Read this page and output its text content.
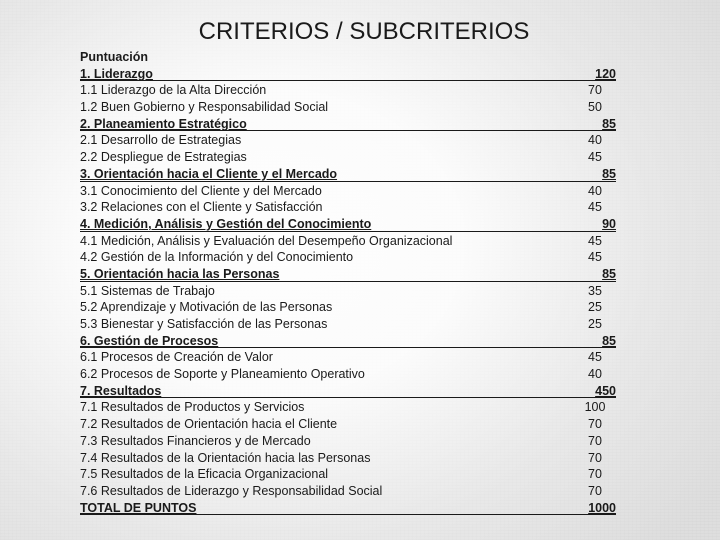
CRITERIOS / SUBCRITERIOS
Puntuación
1. Liderazgo	120
1.1 Liderazgo de la Alta Dirección	70
1.2 Buen Gobierno y Responsabilidad Social	50
2. Planeamiento Estratégico	85
2.1 Desarrollo de Estrategias	40
2.2 Despliegue de Estrategias	45
3. Orientación hacia el Cliente y el Mercado	85
3.1 Conocimiento del Cliente y del Mercado	40
3.2 Relaciones con el Cliente y Satisfacción	45
4. Medición, Análisis y Gestión del Conocimiento	90
4.1 Medición, Análisis y Evaluación del Desempeño Organizacional	45
4.2 Gestión de la Información y del Conocimiento	45
5. Orientación hacia las Personas	85
5.1 Sistemas de Trabajo	35
5.2 Aprendizaje y Motivación de las Personas	25
5.3 Bienestar y Satisfacción de las Personas	25
6. Gestión de Procesos	85
6.1 Procesos de Creación de Valor	45
6.2 Procesos de Soporte y Planeamiento Operativo	40
7. Resultados	450
7.1 Resultados de Productos y Servicios	100
7.2 Resultados de Orientación hacia el Cliente	70
7.3 Resultados Financieros y de Mercado	70
7.4 Resultados de la Orientación hacia las Personas	70
7.5 Resultados de la Eficacia Organizacional	70
7.6 Resultados de Liderazgo y Responsabilidad Social	70
TOTAL DE PUNTOS	1000
